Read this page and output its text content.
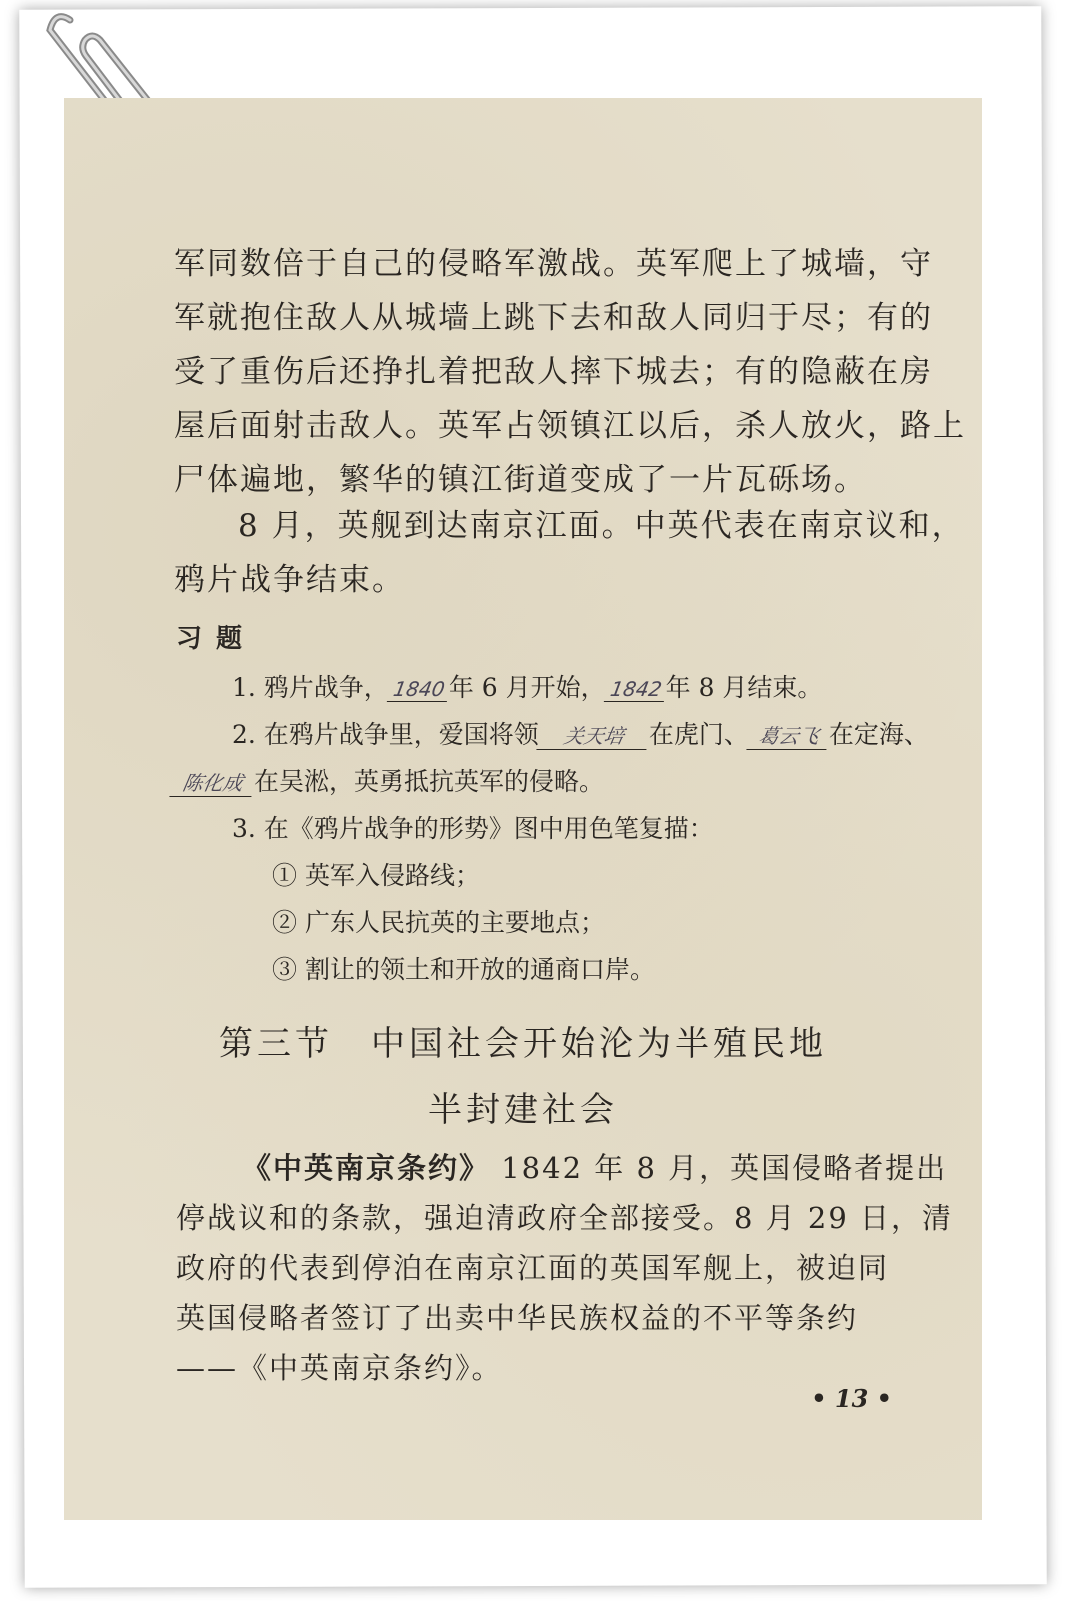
军同数倍于自己的侵略军激战。英军爬上了城墙，守
军就抱住敌人从城墙上跳下去和敌人同归于尽；有的
受了重伤后还挣扎着把敌人摔下城去；有的隐蔽在房
屋后面射击敌人。英军占领镇江以后，杀人放火，路上
尸体遍地，繁华的镇江街道变成了一片瓦砾场。
8 月，英舰到达南京江面。中英代表在南京议和，
鸦片战争结束。
习题
1. 鸦片战争， 1840年 6 月开始， 1842年 8 月结束。
2. 在鸦片战争里，爱国将领 关天培 在虎门、 葛云飞 在定海、
陈化成 在吴淞，英勇抵抗英军的侵略。
3. 在《鸦片战争的形势》图中用色笔复描：
① 英军入侵路线；
② 广东人民抗英的主要地点；
③ 割让的领土和开放的通商口岸。
第三节　中国社会开始沦为半殖民地
半封建社会
《中英南京条约》 1842 年 8 月，英国侵略者提出
停战议和的条款，强迫清政府全部接受。8 月 29 日，清
政府的代表到停泊在南京江面的英国军舰上，被迫同
英国侵略者签订了出卖中华民族权益的不平等条约
——《中英南京条约》。
• 13 •
